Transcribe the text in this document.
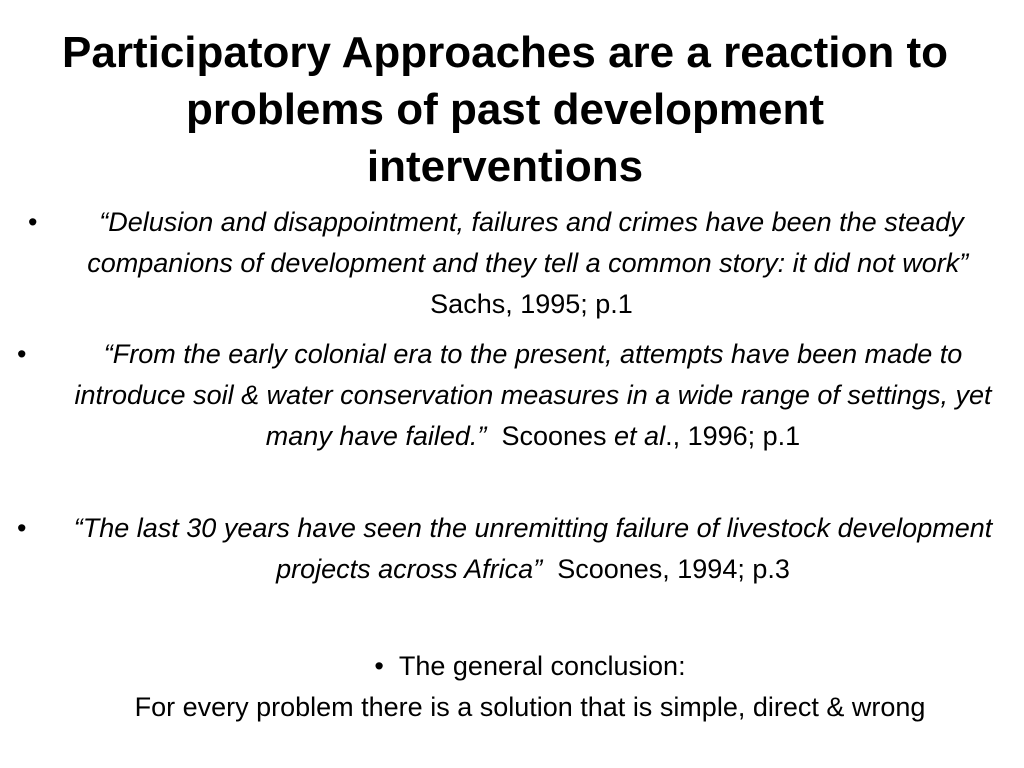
Participatory Approaches are a reaction to problems of past development interventions
• “Delusion and disappointment, failures and crimes have been the steady companions of development and they tell a common story: it did not work”  Sachs, 1995; p.1
•	“From the early colonial era to the present, attempts have been made to introduce soil & water conservation measures in a wide range of settings, yet many have failed.” Scoones et al., 1996; p.1
• “The last 30 years have seen the unremitting failure of livestock development projects across Africa” Scoones, 1994; p.3
• The general conclusion:
For every problem there is a solution that is simple, direct & wrong
